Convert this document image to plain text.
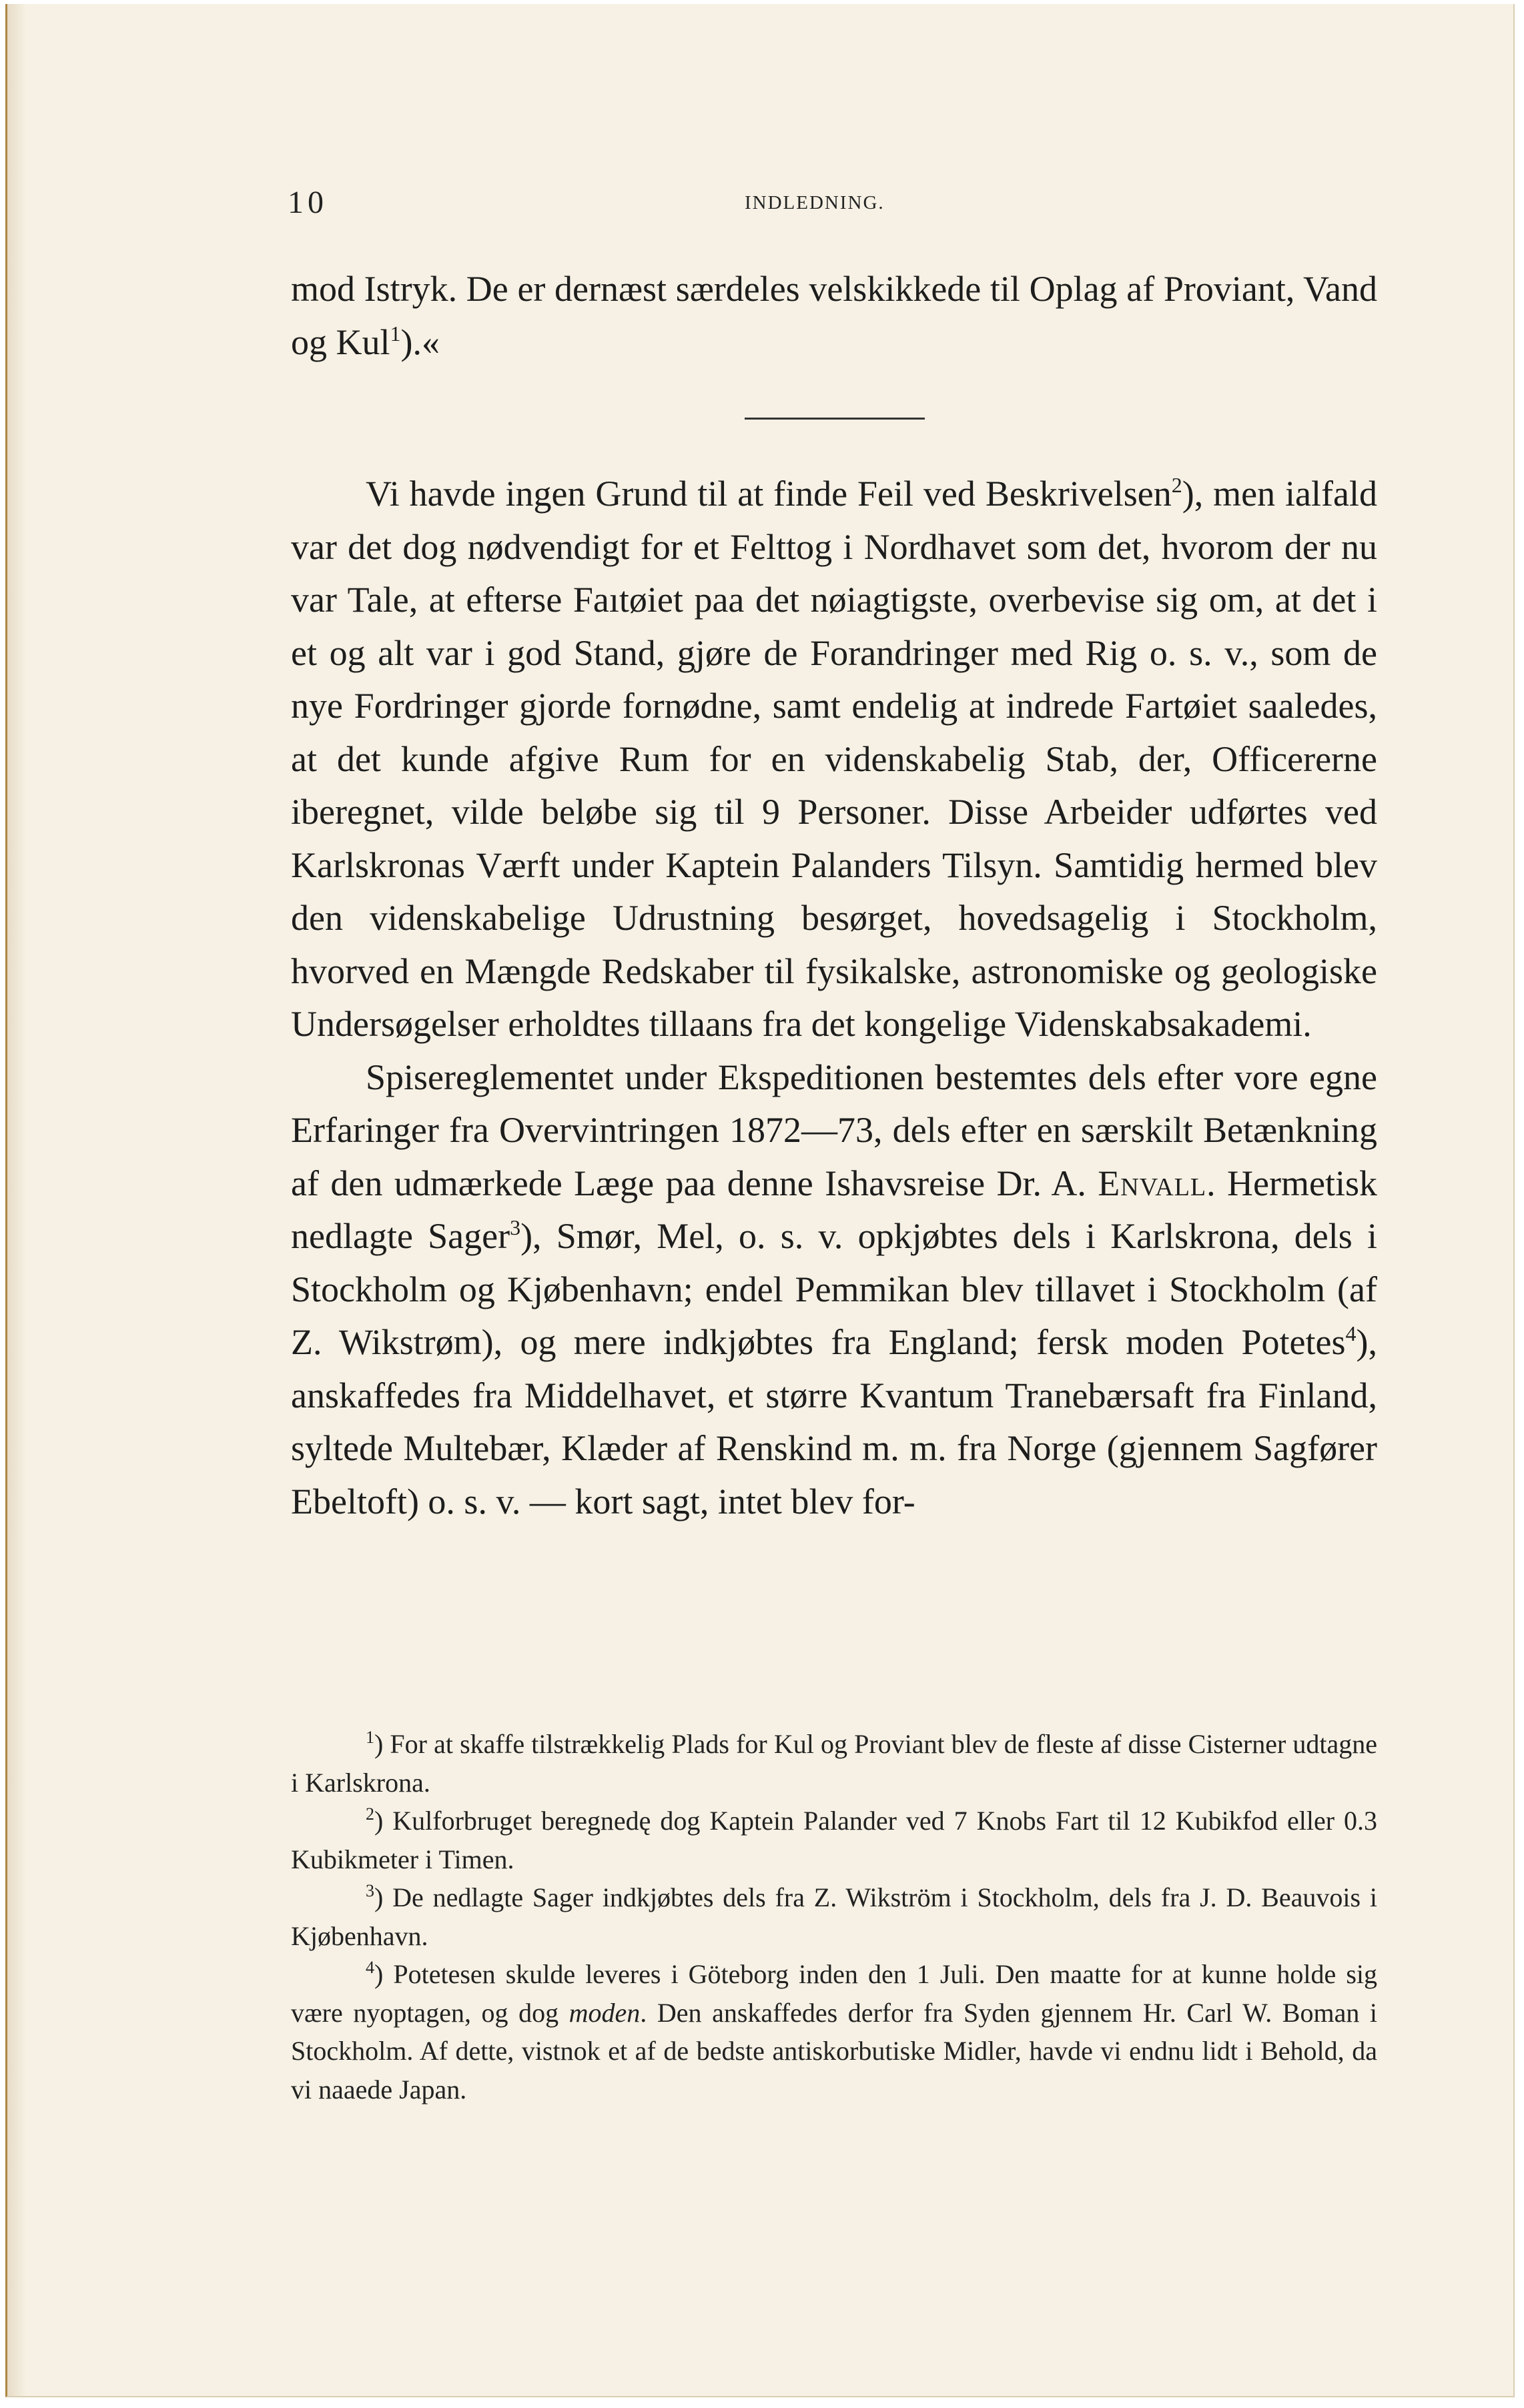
10	INDLEDNING.

mod Istryk. De er dernæst særdeles velskikkede til Oplag af Proviant, Vand og Kul$^1$).«

Vi havde ingen Grund til at finde Feil ved Beskrivelsen$^2$), men ialfald var det dog nødvendigt for et Felttog i Nordhavet som det, hvorom der nu var Tale, at efterse Faıtøiet paa det nøiagtigste, overbevise sig om, at det i et og alt var i god Stand, gjøre de Forandringer med Rig o. s. v., som de nye Fordringer gjorde fornødne, samt endelig at indrede Fartøiet saaledes, at det kunde afgive Rum for en videnskabelig Stab, der, Officererne iberegnet, vilde beløbe sig til 9 Personer. Disse Arbeider udførtes ved Karlskronas Værft under Kaptein Palanders Tilsyn. Samtidig hermed blev den videnskabelige Udrustning besørget, hovedsagelig i Stockholm, hvorved en Mængde Redskaber til fysikalske, astronomiske og geologiske Undersøgelser erholdtes tillaans fra det kongelige Videnskabsakademi.

Spisereglementet under Ekspeditionen bestemtes dels efter vore egne Erfaringer fra Overvintringen 1872—73, dels efter en særskilt Betænkning af den udmærkede Læge paa denne Ishavsreise Dr. A. Envall. Hermetisk nedlagte Sager$^3$), Smør, Mel, o. s. v. opkjøbtes dels i Karlskrona, dels i Stockholm og Kjøbenhavn; endel Pemmikan blev tillavet i Stockholm (af Z. Wikstrøm), og mere indkjøbtes fra England; fersk moden Potetes$^4$), anskaffedes fra Middelhavet, et større Kvantum Tranebærsaft fra Finland, syltede Multebær, Klæder af Renskind m. m. fra Norge (gjennem Sagfører Ebeltoft) o. s. v. — kort sagt, intet blev for-

$^1$) For at skaffe tilstrækkelig Plads for Kul og Proviant blev de fleste af disse Cisterner udtagne i Karlskrona.

$^2$) Kulforbruget beregnedę dog Kaptein Palander ved 7 Knobs Fart til 12 Kubikfod eller 0.3 Kubikmeter i Timen.

$^3$) De nedlagte Sager indkjøbtes dels fra Z. Wikström i Stockholm, dels fra J. D. Beauvois i Kjøbenhavn.

$^4$) Potetesen skulde leveres i Göteborg inden den 1 Juli. Den maatte for at kunne holde sig være nyoptagen, og dog moden. Den anskaffedes derfor fra Syden gjennem Hr. Carl W. Boman i Stockholm. Af dette, vistnok et af de bedste antiskorbutiske Midler, havde vi endnu lidt i Behold, da vi naaede Japan.
